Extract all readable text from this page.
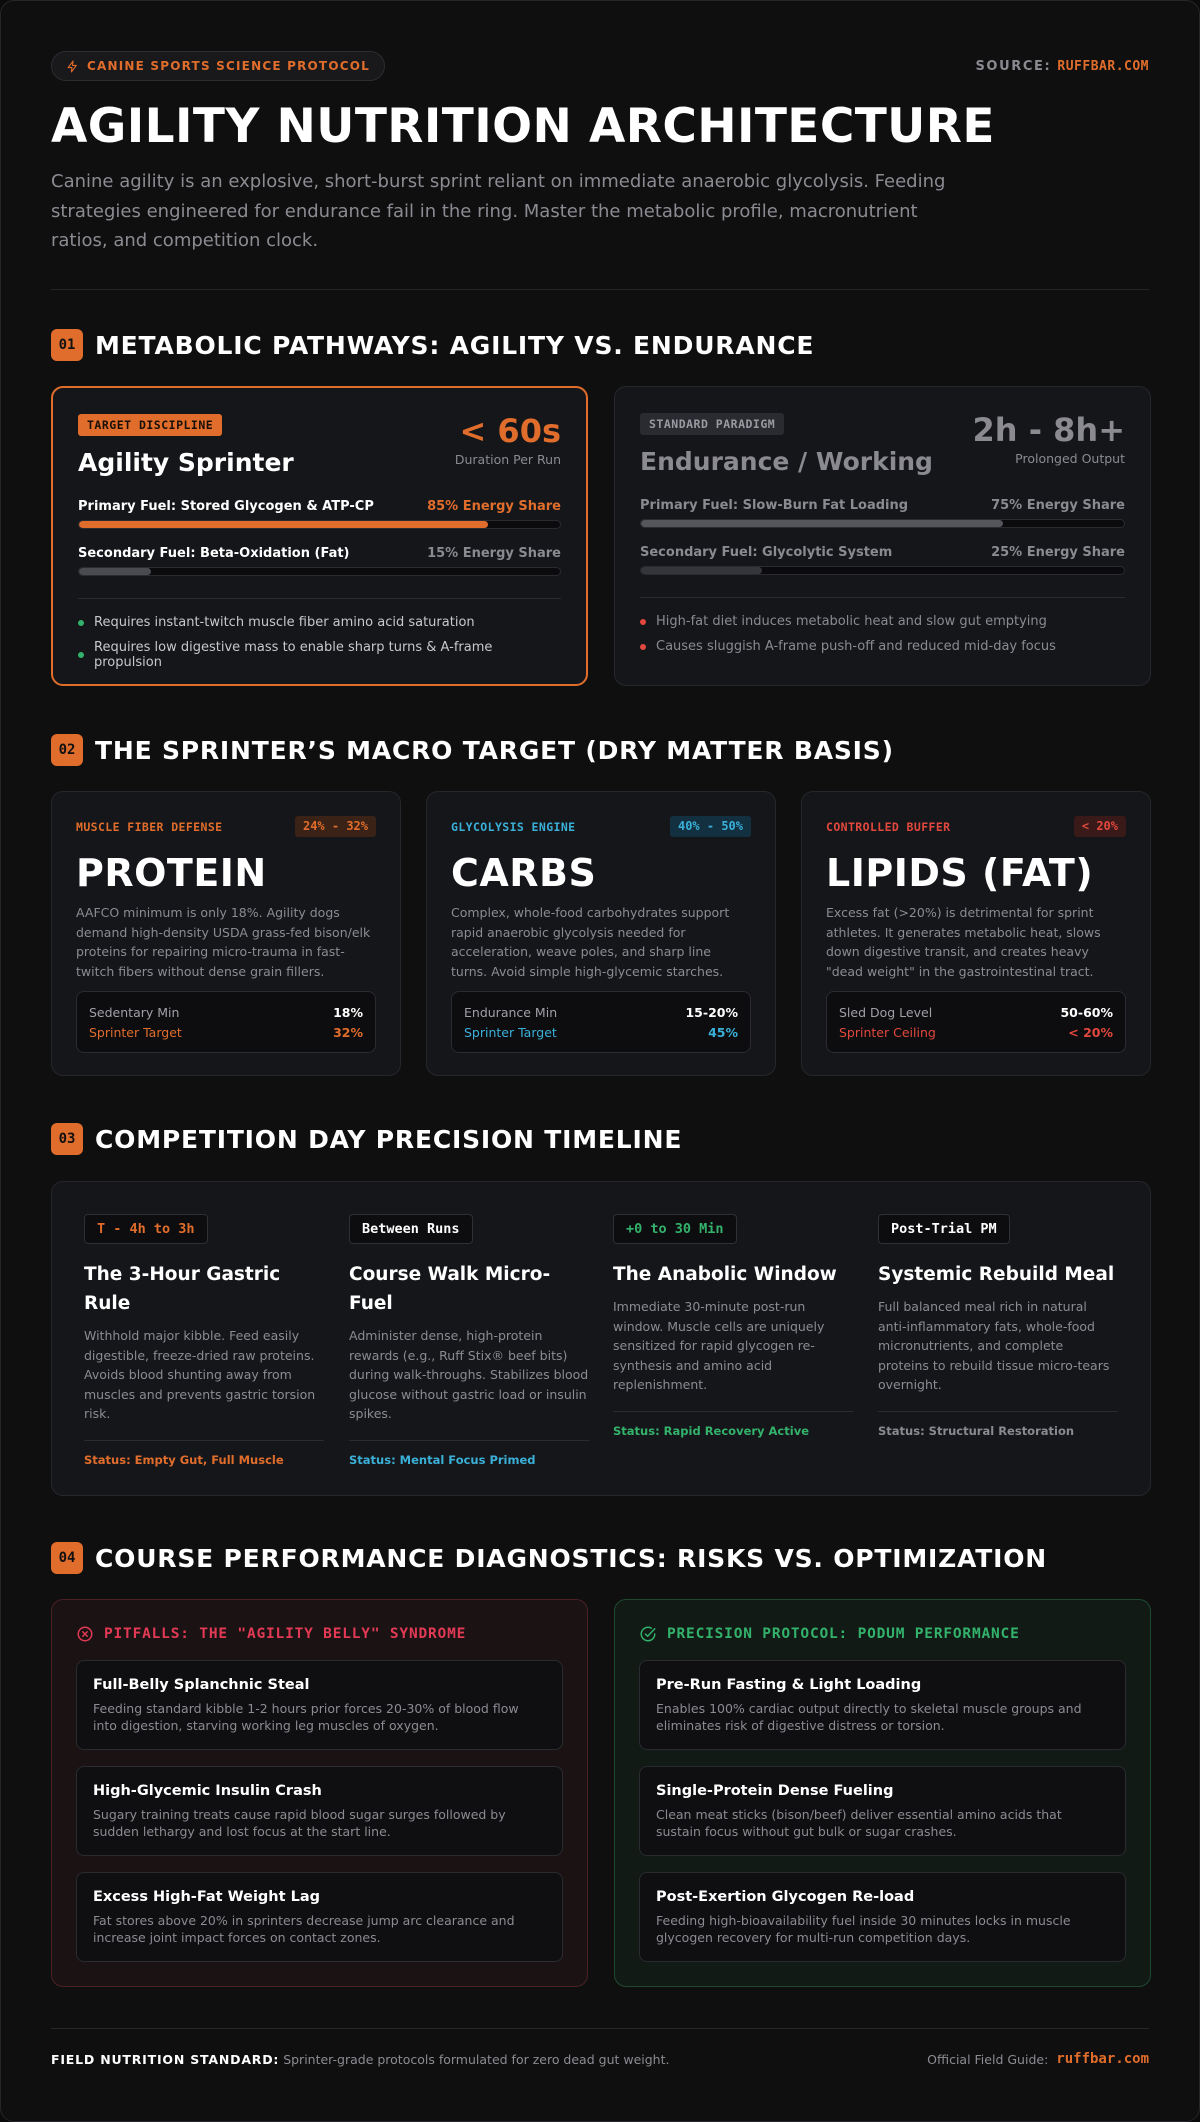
CANINE SPORTS SCIENCE PROTOCOL	SOURCE: RUFFBAR.COM
AGILITY NUTRITION ARCHITECTURE

Canine agility is an explosive, short-burst sprint reliant on immediate anaerobic glycolysis. Feeding strategies engineered for endurance fail in the ring. Master the metabolic profile, macronutrient ratios, and competition clock.

01 METABOLIC PATHWAYS: AGILITY VS. ENDURANCE
TARGET DISCIPLINE
Agility Sprinter
< 60s
Duration Per Run
Primary Fuel: Stored Glycogen & ATP-CP	85% Energy Share
Secondary Fuel: Beta-Oxidation (Fat)	15% Energy Share
Requires instant-twitch muscle fiber amino acid saturation
Requires low digestive mass to enable sharp turns & A-frame propulsion
STANDARD PARADIGM
Endurance / Working
2h - 8h+
Prolonged Output
Primary Fuel: Slow-Burn Fat Loading	75% Energy Share
Secondary Fuel: Glycolytic System	25% Energy Share
High-fat diet induces metabolic heat and slow gut emptying
Causes sluggish A-frame push-off and reduced mid-day focus
02 THE SPRINTER’S MACRO TARGET (DRY MATTER BASIS)
MUSCLE FIBER DEFENSE	24% - 32%
PROTEIN
AAFCO minimum is only 18%. Agility dogs demand high-density USDA grass-fed bison/elk proteins for repairing micro-trauma in fast-twitch fibers without dense grain fillers.
Sedentary Min	18%
Sprinter Target	32%
GLYCOLYSIS ENGINE	40% - 50%
CARBS
Complex, whole-food carbohydrates support rapid anaerobic glycolysis needed for acceleration, weave poles, and sharp line turns. Avoid simple high-glycemic starches.
Endurance Min	15-20%
Sprinter Target	45%
CONTROLLED BUFFER	< 20%
LIPIDS (FAT)
Excess fat (>20%) is detrimental for sprint athletes. It generates metabolic heat, slows down digestive transit, and creates heavy "dead weight" in the gastrointestinal tract.
Sled Dog Level	50-60%
Sprinter Ceiling	< 20%
03 COMPETITION DAY PRECISION TIMELINE
T - 4h to 3h
The 3-Hour Gastric Rule
Withhold major kibble. Feed easily digestible, freeze-dried raw proteins. Avoids blood shunting away from muscles and prevents gastric torsion risk.
Status: Empty Gut, Full Muscle
Between Runs
Course Walk Micro-Fuel
Administer dense, high-protein rewards (e.g., Ruff Stix® beef bits) during walk-throughs. Stabilizes blood glucose without gastric load or insulin spikes.
Status: Mental Focus Primed
+0 to 30 Min
The Anabolic Window
Immediate 30-minute post-run window. Muscle cells are uniquely sensitized for rapid glycogen re-synthesis and amino acid replenishment.
Status: Rapid Recovery Active
Post-Trial PM
Systemic Rebuild Meal
Full balanced meal rich in natural anti-inflammatory fats, whole-food micronutrients, and complete proteins to rebuild tissue micro-tears overnight.
Status: Structural Restoration
04 COURSE PERFORMANCE DIAGNOSTICS: RISKS VS. OPTIMIZATION
PITFALLS: THE "AGILITY BELLY" SYNDROME
Full-Belly Splanchnic Steal
Feeding standard kibble 1-2 hours prior forces 20-30% of blood flow into digestion, starving working leg muscles of oxygen.
High-Glycemic Insulin Crash
Sugary training treats cause rapid blood sugar surges followed by sudden lethargy and lost focus at the start line.
Excess High-Fat Weight Lag
Fat stores above 20% in sprinters decrease jump arc clearance and increase joint impact forces on contact zones.
PRECISION PROTOCOL: PODUM PERFORMANCE
Pre-Run Fasting & Light Loading
Enables 100% cardiac output directly to skeletal muscle groups and eliminates risk of digestive distress or torsion.
Single-Protein Dense Fueling
Clean meat sticks (bison/beef) deliver essential amino acids that sustain focus without gut bulk or sugar crashes.
Post-Exertion Glycogen Re-load
Feeding high-bioavailability fuel inside 30 minutes locks in muscle glycogen recovery for multi-run competition days.
FIELD NUTRITION STANDARD: Sprinter-grade protocols formulated for zero dead gut weight.	Official Field Guide: ruffbar.com
